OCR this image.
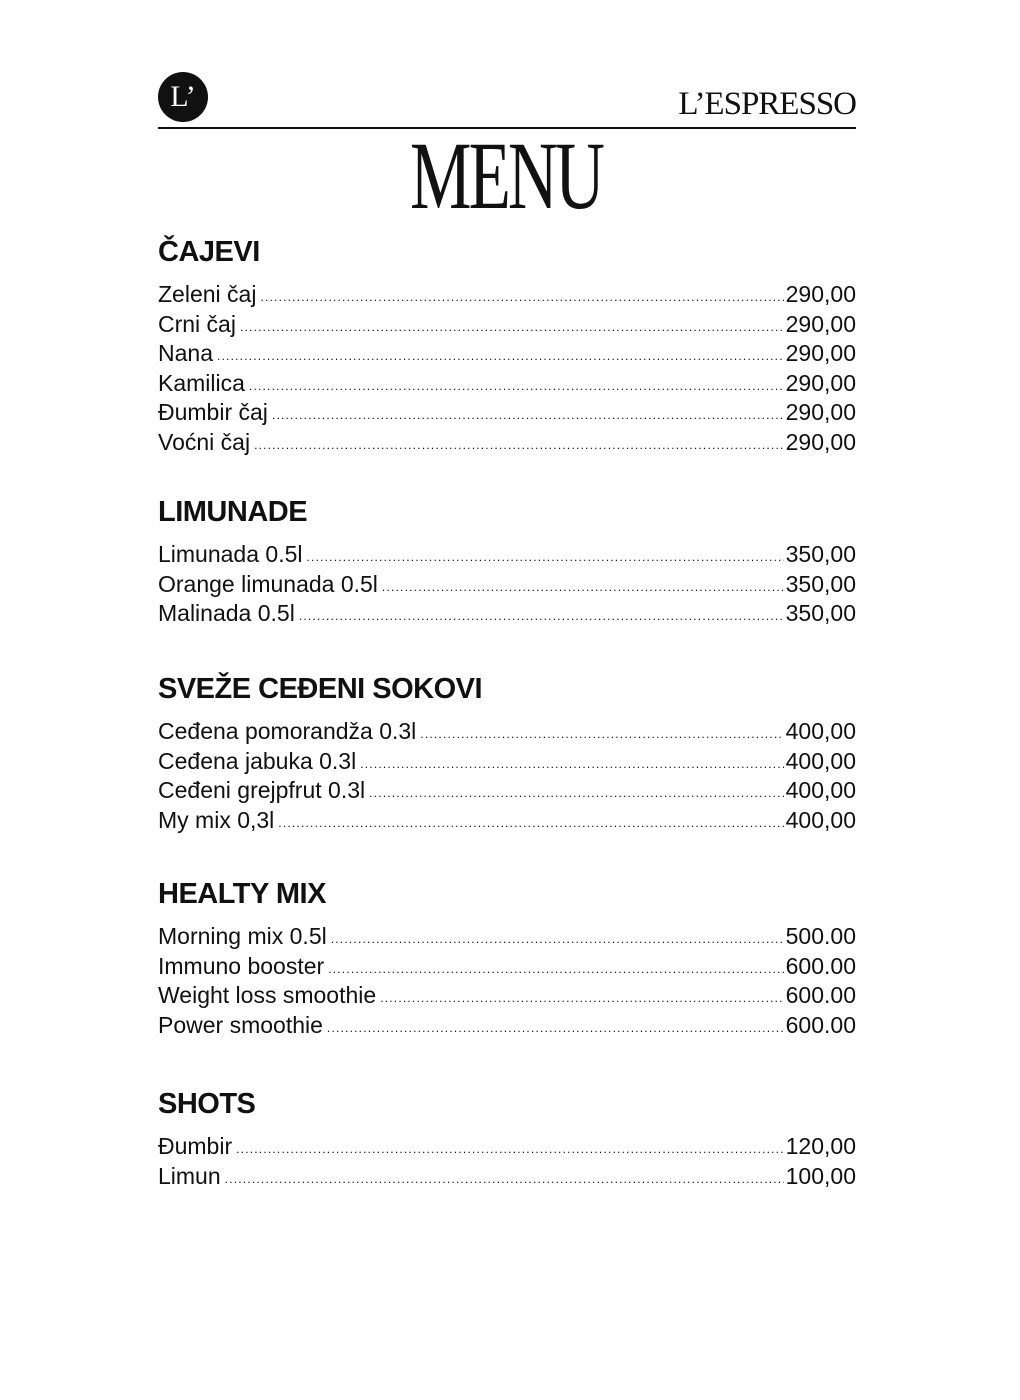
L’	L’ESPRESSO
MENU
ČAJEVI
Zeleni čaj .....	290,00
Crni čaj .....	290,00
Nana .....	290,00
Kamilica .....	290,00
Đumbir čaj .....	290,00
Voćni čaj .....	290,00
LIMUNADE
Limunada 0.5l .....	350,00
Orange limunada 0.5l .....	350,00
Malinada 0.5l .....	350,00
SVEŽE CEĐENI SOKOVI
Ceđena pomorandža 0.3l .....	400,00
Ceđena jabuka 0.3l .....	400,00
Ceđeni grejpfrut 0.3l .....	400,00
My mix 0,3l .....	400,00
HEALTY MIX
Morning mix 0.5l .....	500.00
Immuno booster .....	600.00
Weight loss smoothie .....	600.00
Power smoothie .....	600.00
SHOTS
Đumbir .....	120,00
Limun .....	100,00
